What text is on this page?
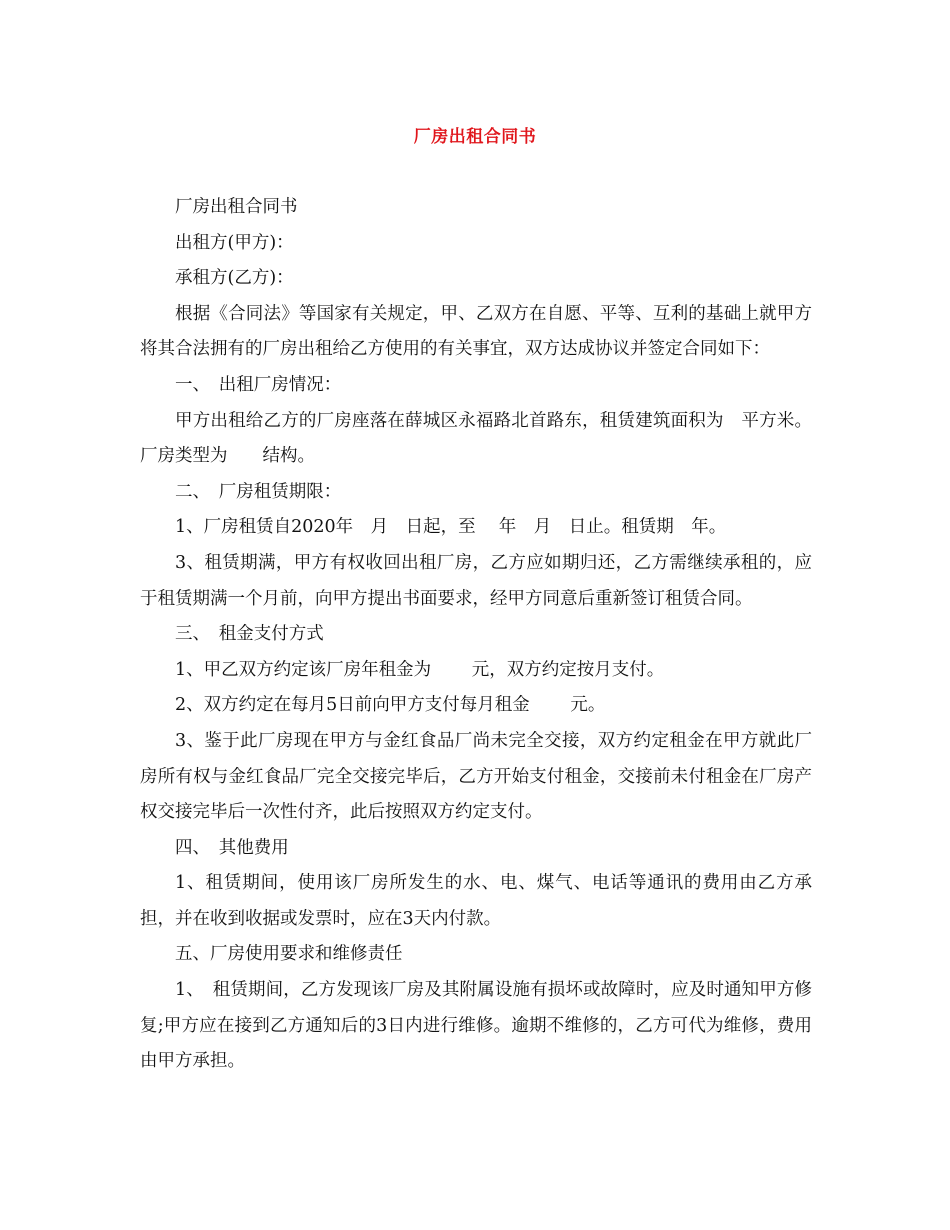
厂房出租合同书

厂房出租合同书

出租方(甲方)：

承租方(乙方)：

根据《合同法》等国家有关规定，甲、乙双方在自愿、平等、互利的基础上就甲方将其合法拥有的厂房出租给乙方使用的有关事宜，双方达成协议并签定合同如下：

一、　出租厂房情况：

甲方出租给乙方的厂房座落在薛城区永福路北首路东，租赁建筑面积为　平方米。厂房类型为　　结构。

二、　厂房租赁期限：

1、厂房租赁自2020年　月　日起，至　 年　月　日止。租赁期　年。

3、租赁期满，甲方有权收回出租厂房，乙方应如期归还，乙方需继续承租的，应于租赁期满一个月前，向甲方提出书面要求，经甲方同意后重新签订租赁合同。

三、　租金支付方式

1、甲乙双方约定该厂房年租金为　　 元，双方约定按月支付。

2、双方约定在每月5日前向甲方支付每月租金　　 元。

3、鉴于此厂房现在甲方与金红食品厂尚未完全交接，双方约定租金在甲方就此厂房所有权与金红食品厂完全交接完毕后，乙方开始支付租金，交接前未付租金在厂房产权交接完毕后一次性付齐，此后按照双方约定支付。

四、　其他费用

1、租赁期间，使用该厂房所发生的水、电、煤气、电话等通讯的费用由乙方承担，并在收到收据或发票时，应在3天内付款。

五、厂房使用要求和维修责任

1、　租赁期间，乙方发现该厂房及其附属设施有损坏或故障时，应及时通知甲方修复;甲方应在接到乙方通知后的3日内进行维修。逾期不维修的，乙方可代为维修，费用由甲方承担。
